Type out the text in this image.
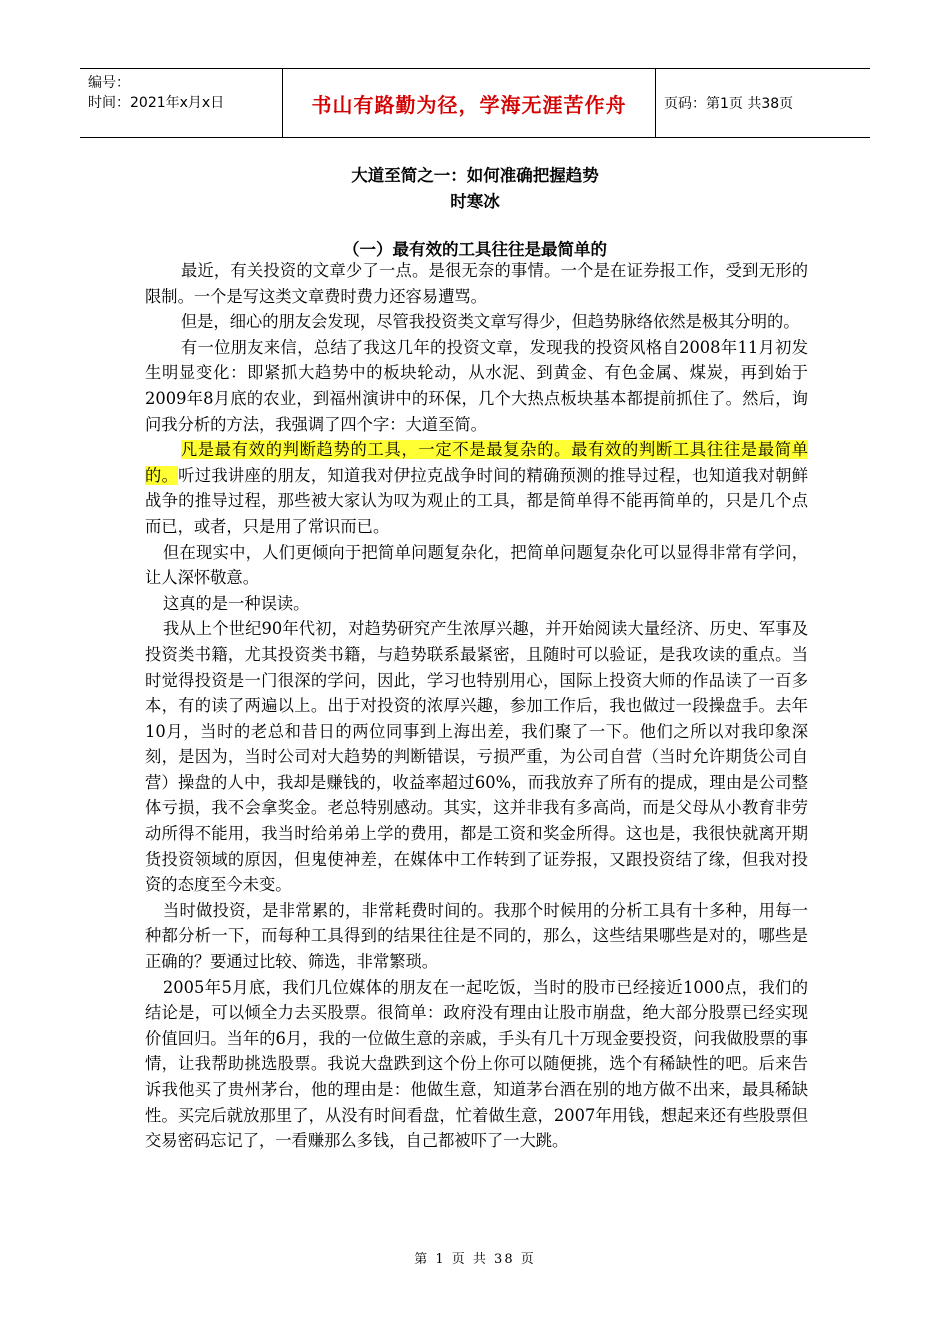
编号：
时间：2021年x月x日	书山有路勤为径，学海无涯苦作舟	页码：第1页 共38页
大道至简之一：如何准确把握趋势
时寒冰
（一）最有效的工具往往是最简单的

最近，有关投资的文章少了一点。是很无奈的事情。一个是在证券报工作，受到无形的限制。一个是写这类文章费时费力还容易遭骂。

但是，细心的朋友会发现，尽管我投资类文章写得少，但趋势脉络依然是极其分明的。

有一位朋友来信，总结了我这几年的投资文章，发现我的投资风格自2008年11月初发生明显变化：即紧抓大趋势中的板块轮动，从水泥、到黄金、有色金属、煤炭，再到始于2009年8月底的农业，到福州演讲中的环保，几个大热点板块基本都提前抓住了。然后，询问我分析的方法，我强调了四个字：大道至简。

凡是最有效的判断趋势的工具，一定不是最复杂的。最有效的判断工具往往是最简单的。听过我讲座的朋友，知道我对伊拉克战争时间的精确预测的推导过程，也知道我对朝鲜战争的推导过程，那些被大家认为叹为观止的工具，都是简单得不能再简单的，只是几个点而已，或者，只是用了常识而已。

但在现实中，人们更倾向于把简单问题复杂化，把简单问题复杂化可以显得非常有学问，让人深怀敬意。

这真的是一种误读。

我从上个世纪90年代初，对趋势研究产生浓厚兴趣，并开始阅读大量经济、历史、军事及投资类书籍，尤其投资类书籍，与趋势联系最紧密，且随时可以验证，是我攻读的重点。当时觉得投资是一门很深的学问，因此，学习也特别用心，国际上投资大师的作品读了一百多本，有的读了两遍以上。出于对投资的浓厚兴趣，参加工作后，我也做过一段操盘手。去年10月，当时的老总和昔日的两位同事到上海出差，我们聚了一下。他们之所以对我印象深刻，是因为，当时公司对大趋势的判断错误，亏损严重，为公司自营（当时允许期货公司自营）操盘的人中，我却是赚钱的，收益率超过60%，而我放弃了所有的提成，理由是公司整体亏损，我不会拿奖金。老总特别感动。其实，这并非我有多高尚，而是父母从小教育非劳动所得不能用，我当时给弟弟上学的费用，都是工资和奖金所得。这也是，我很快就离开期货投资领域的原因，但鬼使神差，在媒体中工作转到了证券报，又跟投资结了缘，但我对投资的态度至今未变。

当时做投资，是非常累的，非常耗费时间的。我那个时候用的分析工具有十多种，用每一种都分析一下，而每种工具得到的结果往往是不同的，那么，这些结果哪些是对的，哪些是正确的？要通过比较、筛选，非常繁琐。

2005年5月底，我们几位媒体的朋友在一起吃饭，当时的股市已经接近1000点，我们的结论是，可以倾全力去买股票。很简单：政府没有理由让股市崩盘，绝大部分股票已经实现价值回归。当年的6月，我的一位做生意的亲戚，手头有几十万现金要投资，问我做股票的事情，让我帮助挑选股票。我说大盘跌到这个份上你可以随便挑，选个有稀缺性的吧。后来告诉我他买了贵州茅台，他的理由是：他做生意，知道茅台酒在别的地方做不出来，最具稀缺性。买完后就放那里了，从没有时间看盘，忙着做生意，2007年用钱，想起来还有些股票但交易密码忘记了，一看赚那么多钱，自己都被吓了一大跳。

第 1 页 共 38 页
